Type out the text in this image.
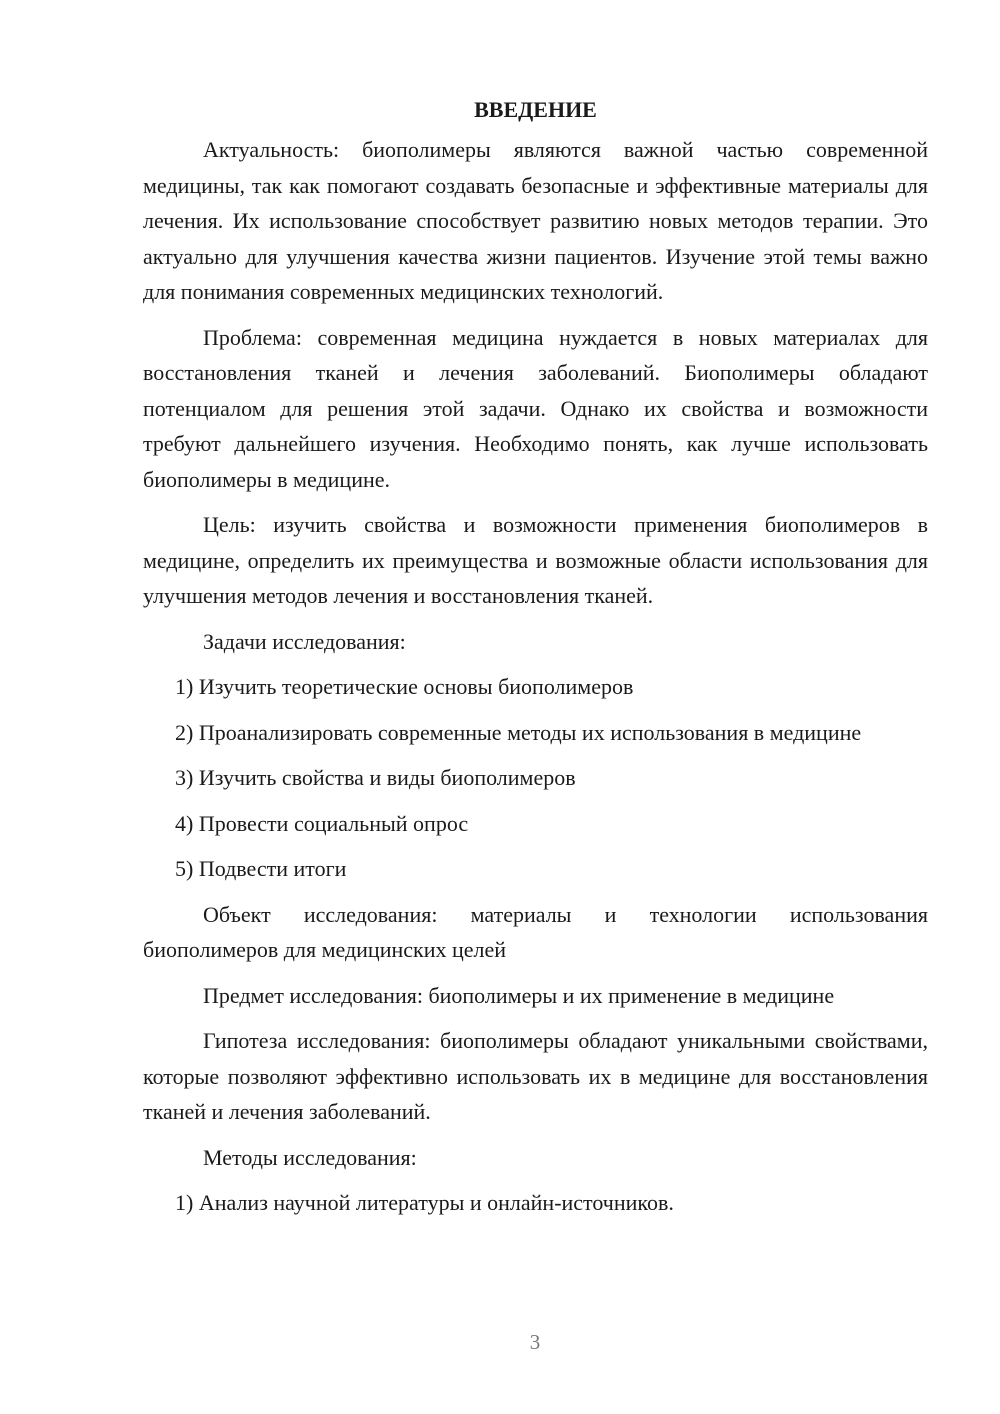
ВВЕДЕНИЕ

Актуальность: биополимеры являются важной частью современной медицины, так как помогают создавать безопасные и эффективные материалы для лечения. Их использование способствует развитию новых методов терапии. Это актуально для улучшения качества жизни пациентов. Изучение этой темы важно для понимания современных медицинских технологий.

Проблема: современная медицина нуждается в новых материалах для восстановления тканей и лечения заболеваний. Биополимеры обладают потенциалом для решения этой задачи. Однако их свойства и возможности требуют дальнейшего изучения. Необходимо понять, как лучше использовать биополимеры в медицине.

Цель: изучить свойства и возможности применения биополимеров в медицине, определить их преимущества и возможные области использования для улучшения методов лечения и восстановления тканей.

Задачи исследования:

1) Изучить теоретические основы биополимеров

2) Проанализировать современные методы их использования в медицине

3) Изучить свойства и виды биополимеров

4) Провести социальный опрос

5) Подвести итоги

Объект исследования: материалы и технологии использования биополимеров для медицинских целей

Предмет исследования: биополимеры и их применение в медицине

Гипотеза исследования: биополимеры обладают уникальными свойствами, которые позволяют эффективно использовать их в медицине для восстановления тканей и лечения заболеваний.

Методы исследования:

1) Анализ научной литературы и онлайн-источников.

3
